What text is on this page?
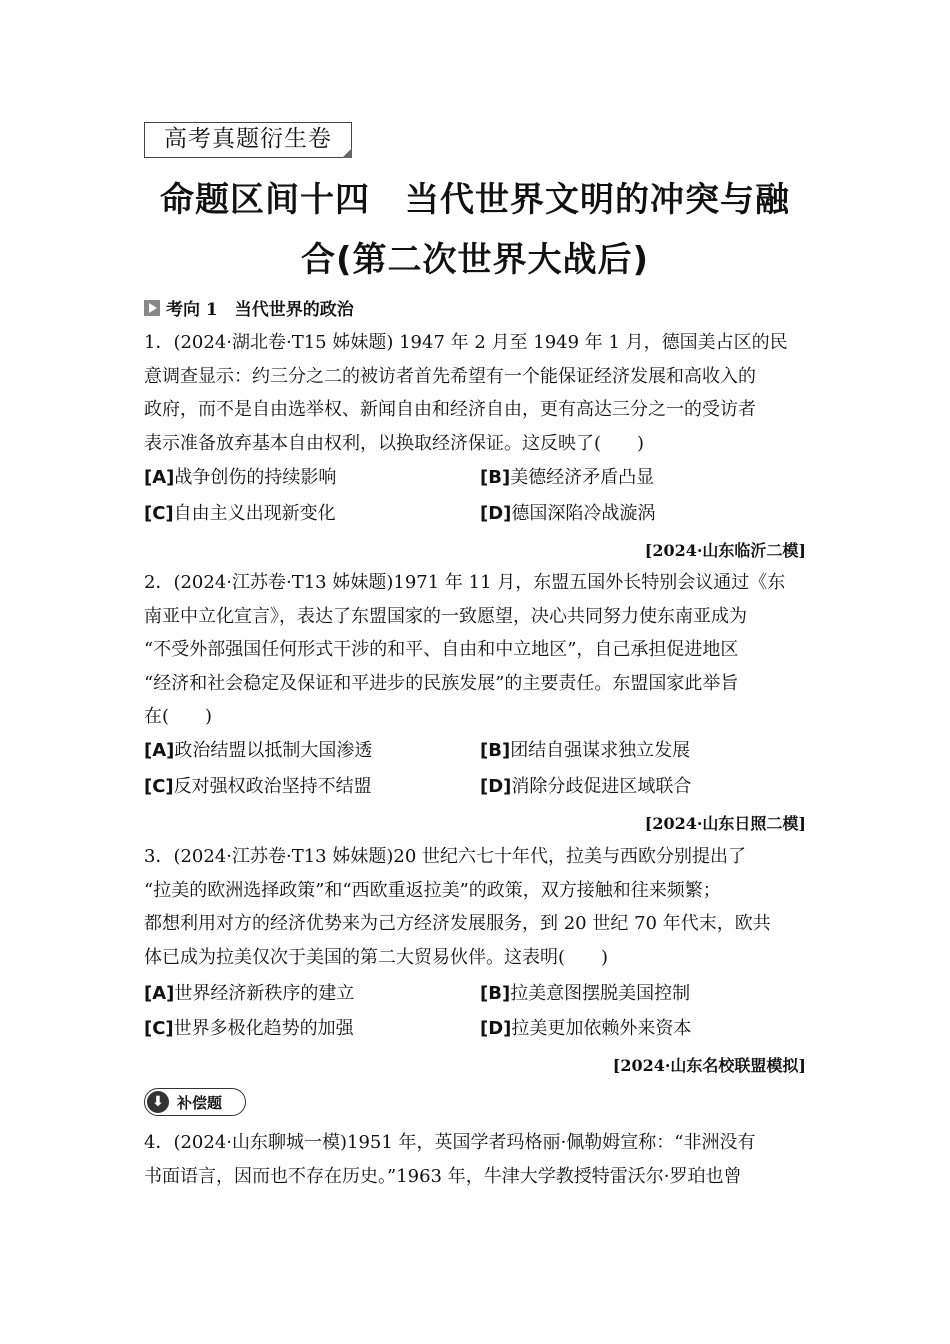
高考真题衍生卷
命题区间十四　当代世界文明的冲突与融
合(第二次世界大战后)
考向 1　当代世界的政治
1．(2024·湖北卷·T15 姊妹题) 1947 年 2 月至 1949 年 1 月，德国美占区的民
意调查显示：约三分之二的被访者首先希望有一个能保证经济发展和高收入的
政府，而不是自由选举权、新闻自由和经济自由，更有高达三分之一的受访者
表示准备放弃基本自由权利，以换取经济保证。这反映了(　　)
[A]战争创伤的持续影响	[B]美德经济矛盾凸显
[C]自由主义出现新变化	[D]德国深陷冷战漩涡
[2024·山东临沂二模]
2．(2024·江苏卷·T13 姊妹题)1971 年 11 月，东盟五国外长特别会议通过《东
南亚中立化宣言》，表达了东盟国家的一致愿望，决心共同努力使东南亚成为
“不受外部强国任何形式干涉的和平、自由和中立地区”，自己承担促进地区
“经济和社会稳定及保证和平进步的民族发展”的主要责任。东盟国家此举旨
在(　　)
[A]政治结盟以抵制大国渗透	[B]团结自强谋求独立发展
[C]反对强权政治坚持不结盟	[D]消除分歧促进区域联合
[2024·山东日照二模]
3．(2024·江苏卷·T13 姊妹题)20 世纪六七十年代，拉美与西欧分别提出了
“拉美的欧洲选择政策”和“西欧重返拉美”的政策，双方接触和往来频繁；
都想利用对方的经济优势来为己方经济发展服务，到 20 世纪 70 年代末，欧共
体已成为拉美仅次于美国的第二大贸易伙伴。这表明(　　)
[A]世界经济新秩序的建立	[B]拉美意图摆脱美国控制
[C]世界多极化趋势的加强	[D]拉美更加依赖外来资本
[2024·山东名校联盟模拟]
⬇ 补偿题
4．(2024·山东聊城一模)1951 年，英国学者玛格丽·佩勒姆宣称：“非洲没有
书面语言，因而也不存在历史。”1963 年，牛津大学教授特雷沃尔·罗珀也曾
